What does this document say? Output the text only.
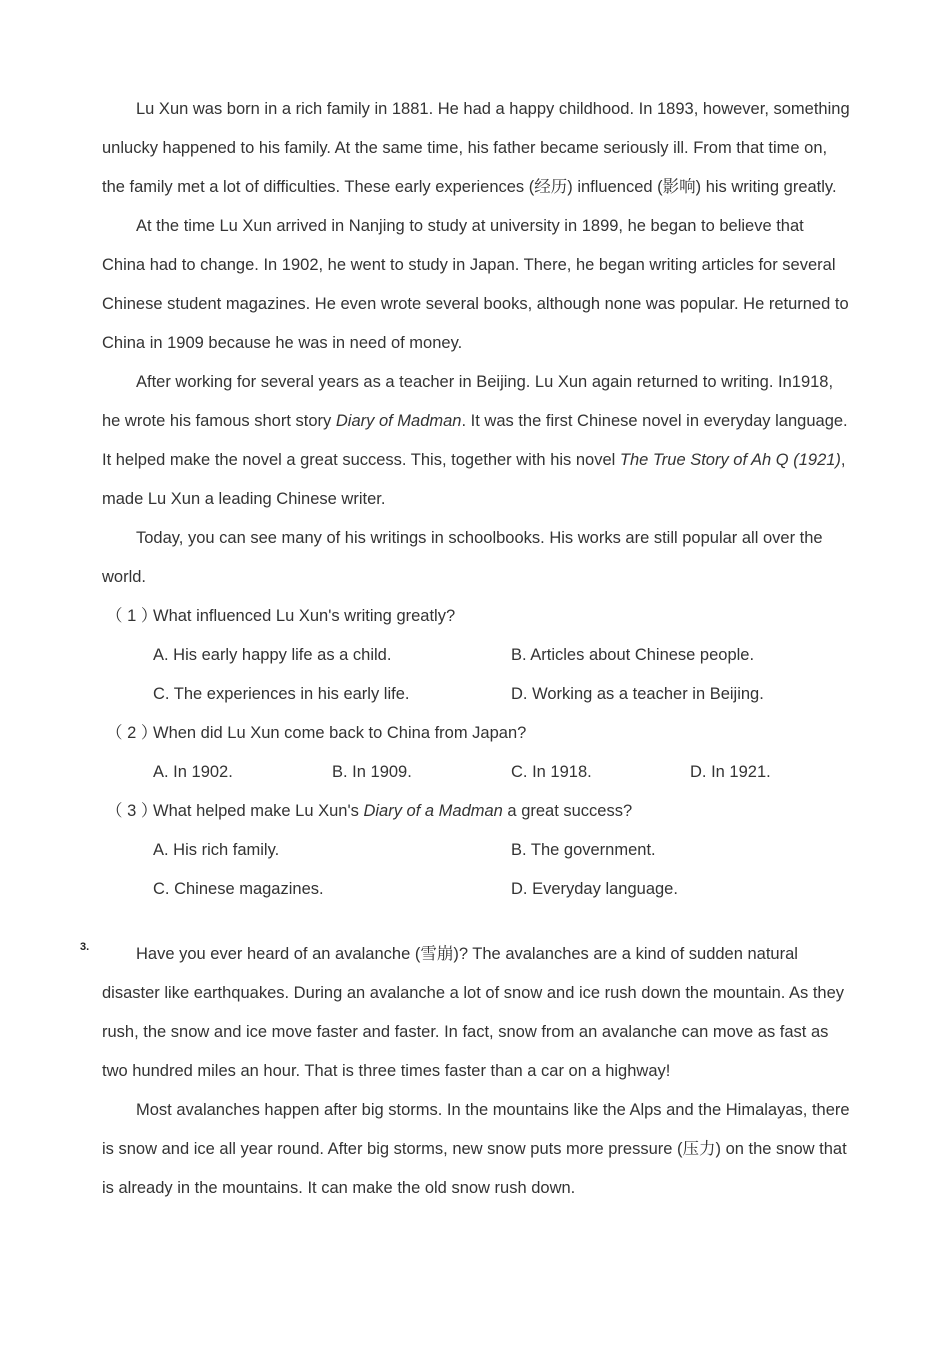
Lu Xun was born in a rich family in 1881. He had a happy childhood. In 1893, however, something
unlucky happened to his family. At the same time, his father became seriously ill. From that time on,
the family met a lot of difficulties. These early experiences (经历) influenced (影响) his writing greatly.
At the time Lu Xun arrived in Nanjing to study at university in 1899, he began to believe that
China had to change. In 1902, he went to study in Japan. There, he began writing articles for several
Chinese student magazines. He even wrote several books, although none was popular. He returned to
China in 1909 because he was in need of money.
After working for several years as a teacher in Beijing. Lu Xun again returned to writing. In1918,
he wrote his famous short story Diary of Madman. It was the first Chinese novel in everyday language.
It helped make the novel a great success. This, together with his novel The True Story of Ah Q (1921),
made Lu Xun a leading Chinese writer.
Today, you can see many of his writings in schoolbooks. His works are still popular all over the
world.
（ 1 ）
What influenced Lu Xun's writing greatly?
A. His early happy life as a child.	B. Articles about Chinese people.
C. The experiences in his early life.	D. Working as a teacher in Beijing.
（ 2 ）
When did Lu Xun come back to China from Japan?
A. In 1902.	B. In 1909.	C. In 1918.	D. In 1921.
（ 3 ）
What helped make Lu Xun's Diary of a Madman a great success?
A. His rich family.	B. The government.
C. Chinese magazines.	D. Everyday language.
3.	Have you ever heard of an avalanche (雪崩)? The avalanches are a kind of sudden natural
disaster like earthquakes. During an avalanche a lot of snow and ice rush down the mountain. As they
rush, the snow and ice move faster and faster. In fact, snow from an avalanche can move as fast as
two hundred miles an hour. That is three times faster than a car on a highway!
Most avalanches happen after big storms. In the mountains like the Alps and the Himalayas, there
is snow and ice all year round. After big storms, new snow puts more pressure (压力) on the snow that
is already in the mountains. It can make the old snow rush down.
